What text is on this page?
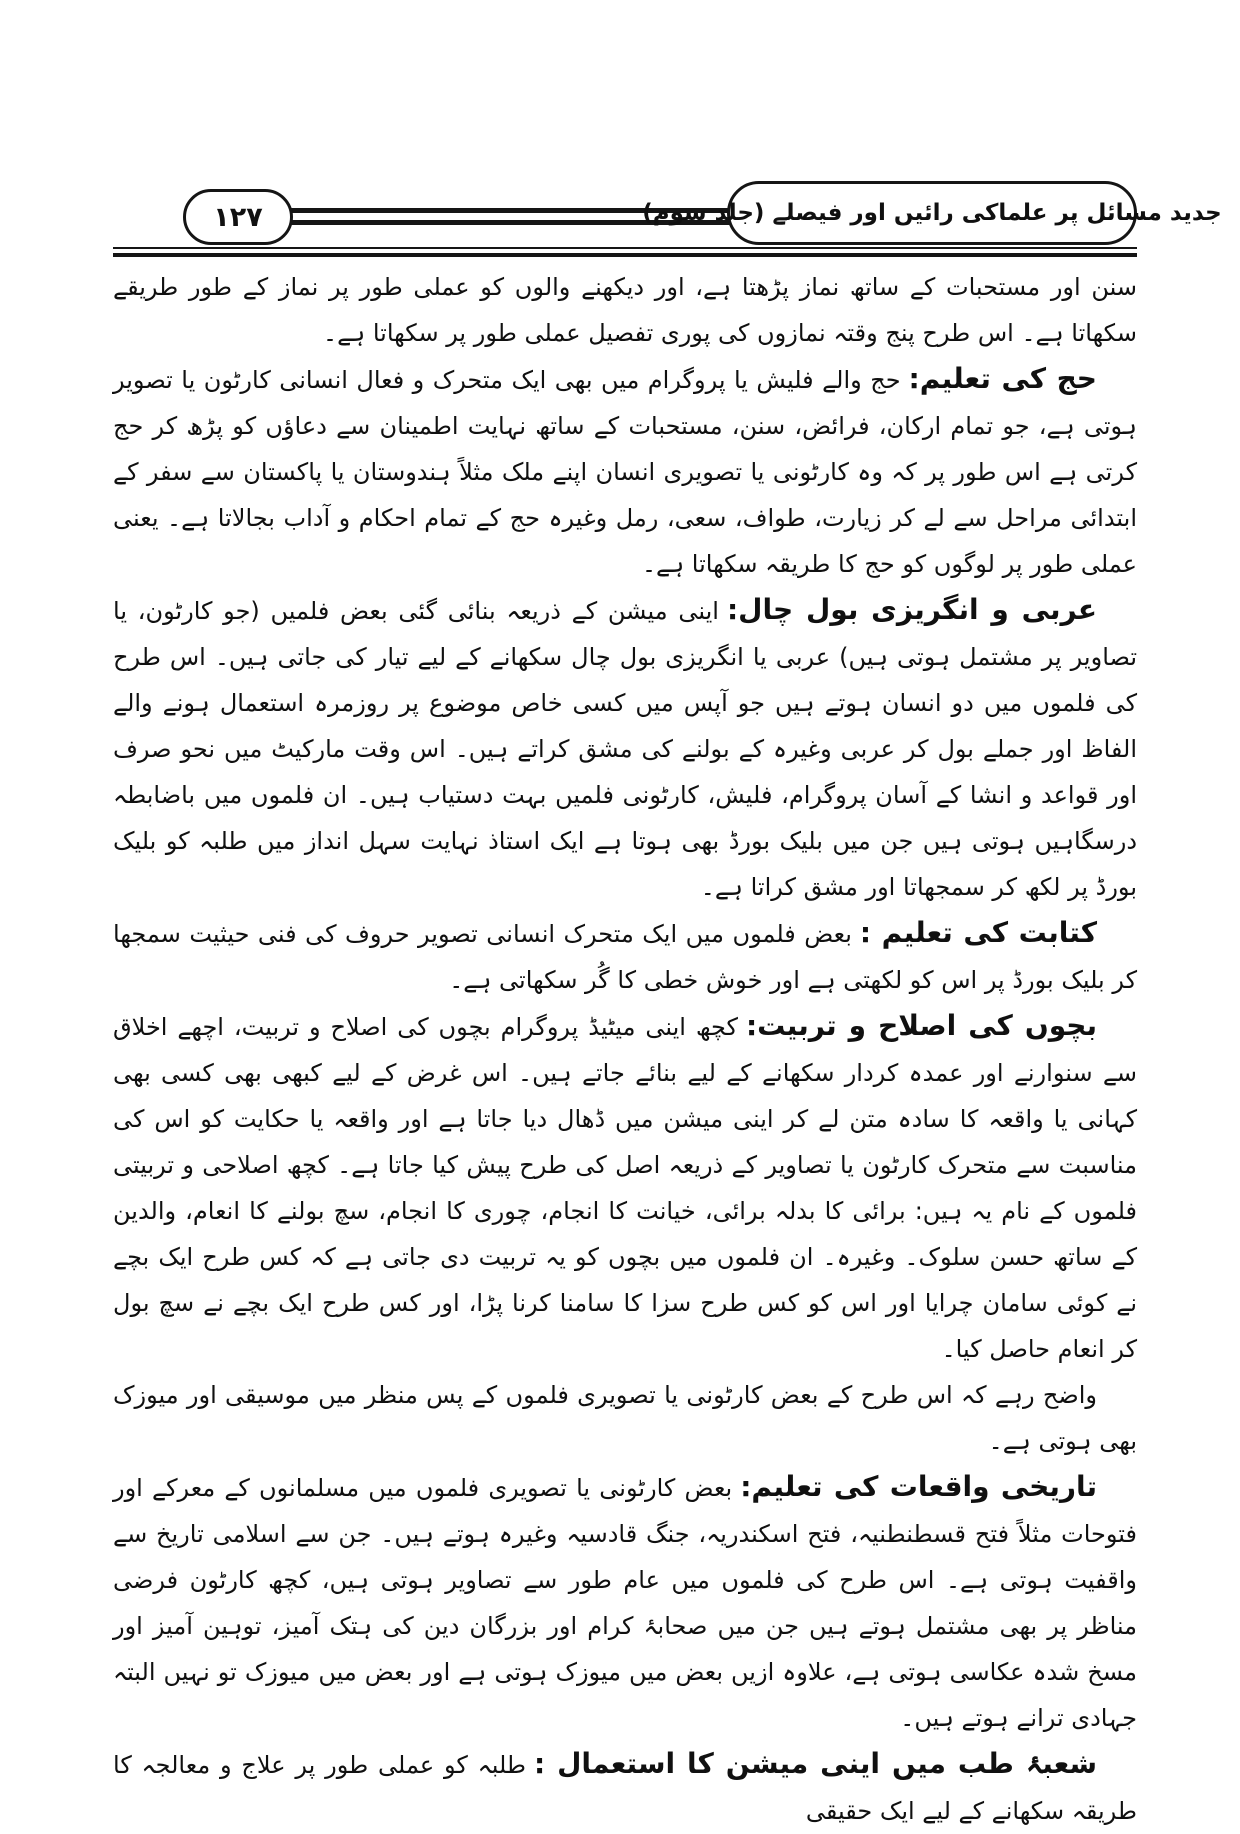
۱۲۷	جدید مسائل پر علماکی رائیں اور فیصلے (جلد سوم)

سنن اور مستحبات کے ساتھ نماز پڑھتا ہے، اور دیکھنے والوں کو عملی طور پر نماز کے طور طریقے سکھاتا ہے۔ اس طرح پنج وقتہ نمازوں کی پوری تفصیل عملی طور پر سکھاتا ہے۔

حج کی تعلیم:حج والے فلیش یا پروگرام میں بھی ایک متحرک و فعال انسانی کارٹون یا تصویر ہوتی ہے، جو تمام ارکان، فرائض، سنن، مستحبات کے ساتھ نہایت اطمینان سے دعاؤں کو پڑھ کر حج کرتی ہے اس طور پر کہ وہ کارٹونی یا تصویری انسان اپنے ملک مثلاً ہندوستان یا پاکستان سے سفر کے ابتدائی مراحل سے لے کر زیارت، طواف، سعی، رمل وغیرہ حج کے تمام احکام و آداب بجالاتا ہے۔ یعنی عملی طور پر لوگوں کو حج کا طریقہ سکھاتا ہے۔

عربی و انگریزی بول چال:اینی میشن کے ذریعہ بنائی گئی بعض فلمیں (جو کارٹون، یا تصاویر پر مشتمل ہوتی ہیں) عربی یا انگریزی بول چال سکھانے کے لیے تیار کی جاتی ہیں۔ اس طرح کی فلموں میں دو انسان ہوتے ہیں جو آپس میں کسی خاص موضوع پر روزمرہ استعمال ہونے والے الفاظ اور جملے بول کر عربی وغیرہ کے بولنے کی مشق کراتے ہیں۔ اس وقت مارکیٹ میں نحو صرف اور قواعد و انشا کے آسان پروگرام، فلیش، کارٹونی فلمیں بہت دستیاب ہیں۔ ان فلموں میں باضابطہ درسگاہیں ہوتی ہیں جن میں بلیک بورڈ بھی ہوتا ہے ایک استاذ نہایت سہل انداز میں طلبہ کو بلیک بورڈ پر لکھ کر سمجھاتا اور مشق کراتا ہے۔

کتابت کی تعلیم :بعض فلموں میں ایک متحرک انسانی تصویر حروف کی فنی حیثیت سمجھا کر بلیک بورڈ پر اس کو لکھتی ہے اور خوش خطی کا گُر سکھاتی ہے۔

بچوں کی اصلاح و تربیت:کچھ اینی میٹیڈ پروگرام بچوں کی اصلاح و تربیت، اچھے اخلاق سے سنوارنے اور عمدہ کردار سکھانے کے لیے بنائے جاتے ہیں۔ اس غرض کے لیے کبھی بھی کسی بھی کہانی یا واقعہ کا سادہ متن لے کر اینی میشن میں ڈھال دیا جاتا ہے اور واقعہ یا حکایت کو اس کی مناسبت سے متحرک کارٹون یا تصاویر کے ذریعہ اصل کی طرح پیش کیا جاتا ہے۔ کچھ اصلاحی و تربیتی فلموں کے نام یہ ہیں: برائی کا بدلہ برائی، خیانت کا انجام، چوری کا انجام، سچ بولنے کا انعام، والدین کے ساتھ حسن سلوک۔ وغیرہ۔ ان فلموں میں بچوں کو یہ تربیت دی جاتی ہے کہ کس طرح ایک بچے نے کوئی سامان چرایا اور اس کو کس طرح سزا کا سامنا کرنا پڑا، اور کس طرح ایک بچے نے سچ بول کر انعام حاصل کیا۔

واضح رہے کہ اس طرح کے بعض کارٹونی یا تصویری فلموں کے پس منظر میں موسیقی اور میوزک بھی ہوتی ہے۔

تاریخی واقعات کی تعلیم:بعض کارٹونی یا تصویری فلموں میں مسلمانوں کے معرکے اور فتوحات مثلاً فتح قسطنطنیہ، فتح اسکندریہ، جنگ قادسیہ وغیرہ ہوتے ہیں۔ جن سے اسلامی تاریخ سے واقفیت ہوتی ہے۔ اس طرح کی فلموں میں عام طور سے تصاویر ہوتی ہیں، کچھ کارٹون فرضی مناظر پر بھی مشتمل ہوتے ہیں جن میں صحابۂ کرام اور بزرگان دین کی ہتک آمیز، توہین آمیز اور مسخ شدہ عکاسی ہوتی ہے، علاوہ ازیں بعض میں میوزک ہوتی ہے اور بعض میں میوزک تو نہیں البتہ جہادی ترانے ہوتے ہیں۔

شعبۂ طب میں اینی میشن کا استعمال :طلبہ کو عملی طور پر علاج و معالجہ کا طریقہ سکھانے کے لیے ایک حقیقی
